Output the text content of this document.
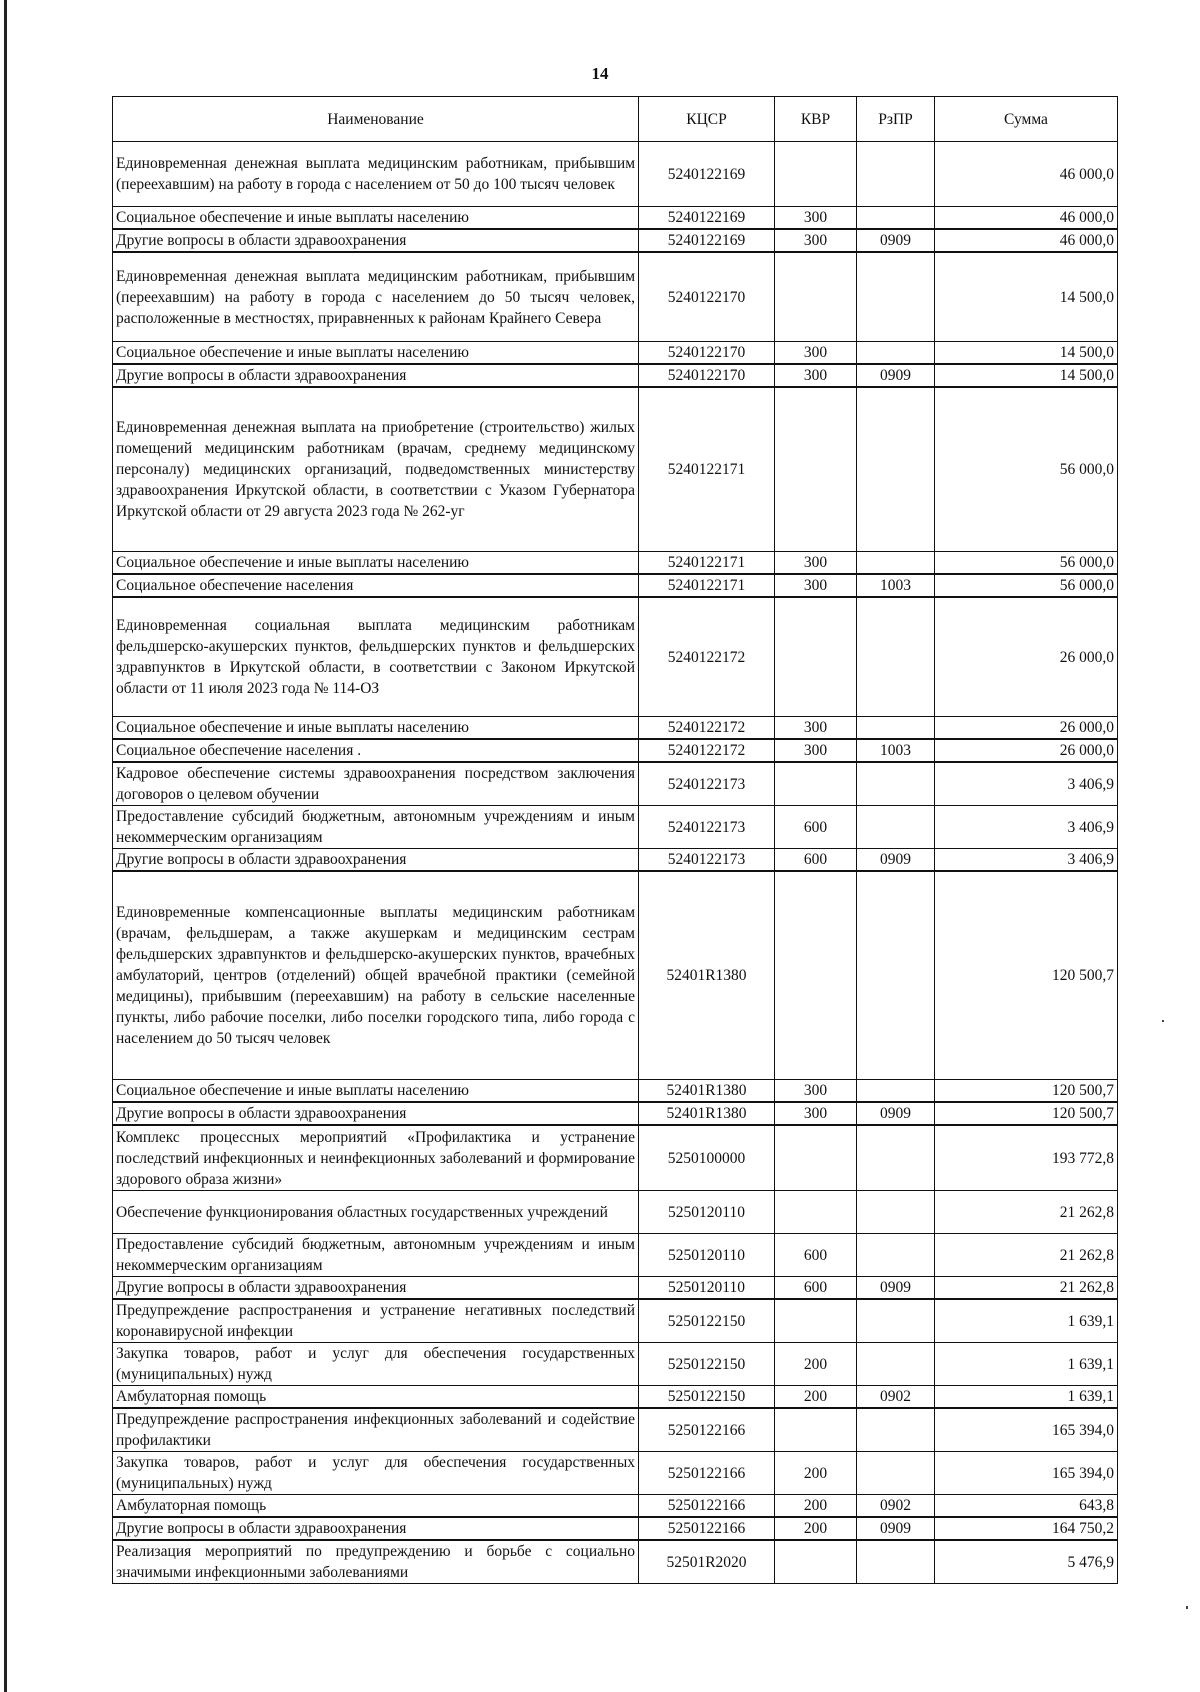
14
Наименование	КЦСР	КВР	РзПР	Сумма
Единовременная денежная выплата медицинским работникам, прибывшим (переехавшим) на работу в города с населением от 50 до 100 тысяч человек	5240122169			46 000,0
Социальное обеспечение и иные выплаты населению	5240122169	300		46 000,0
Другие вопросы в области здравоохранения	5240122169	300	0909	46 000,0
Единовременная денежная выплата медицинским работникам, прибывшим (переехавшим) на работу в города с населением до 50 тысяч человек, расположенные в местностях, приравненных к районам Крайнего Севера	5240122170			14 500,0
Социальное обеспечение и иные выплаты населению	5240122170	300		14 500,0
Другие вопросы в области здравоохранения	5240122170	300	0909	14 500,0
Единовременная денежная выплата на приобретение (строительство) жилых помещений медицинским работникам (врачам, среднему медицинскому персоналу) медицинских организаций, подведомственных министерству здравоохранения Иркутской области, в соответствии с Указом Губернатора Иркутской области от 29 августа 2023 года № 262-уг	5240122171			56 000,0
Социальное обеспечение и иные выплаты населению	5240122171	300		56 000,0
Социальное обеспечение населения	5240122171	300	1003	56 000,0
Единовременная социальная выплата медицинским работникам фельдшерско-акушерских пунктов, фельдшерских пунктов и фельдшерских здравпунктов в Иркутской области, в соответствии с Законом Иркутской области от 11 июля 2023 года № 114-ОЗ	5240122172			26 000,0
Социальное обеспечение и иные выплаты населению	5240122172	300		26 000,0
Социальное обеспечение населения .	5240122172	300	1003	26 000,0
Кадровое обеспечение системы здравоохранения посредством заключения договоров о целевом обучении	5240122173			3 406,9
Предоставление субсидий бюджетным, автономным учреждениям и иным некоммерческим организациям	5240122173	600		3 406,9
Другие вопросы в области здравоохранения	5240122173	600	0909	3 406,9
Единовременные компенсационные выплаты медицинским работникам (врачам, фельдшерам, а также акушеркам и медицинским сестрам фельдшерских здравпунктов и фельдшерско-акушерских пунктов, врачебных амбулаторий, центров (отделений) общей врачебной практики (семейной медицины), прибывшим (переехавшим) на работу в сельские населенные пункты, либо рабочие поселки, либо поселки городского типа, либо города с населением до 50 тысяч человек	52401R1380			120 500,7
Социальное обеспечение и иные выплаты населению	52401R1380	300		120 500,7
Другие вопросы в области здравоохранения	52401R1380	300	0909	120 500,7
Комплекс процессных мероприятий «Профилактика и устранение последствий инфекционных и неинфекционных заболеваний и формирование здорового образа жизни»	5250100000			193 772,8
Обеспечение функционирования областных государственных учреждений	5250120110			21 262,8
Предоставление субсидий бюджетным, автономным учреждениям и иным некоммерческим организациям	5250120110	600		21 262,8
Другие вопросы в области здравоохранения	5250120110	600	0909	21 262,8
Предупреждение распространения и устранение негативных последствий коронавирусной инфекции	5250122150			1 639,1
Закупка товаров, работ и услуг для обеспечения государственных (муниципальных) нужд	5250122150	200		1 639,1
Амбулаторная помощь	5250122150	200	0902	1 639,1
Предупреждение распространения инфекционных заболеваний и содействие профилактики	5250122166			165 394,0
Закупка товаров, работ и услуг для обеспечения государственных (муниципальных) нужд	5250122166	200		165 394,0
Амбулаторная помощь	5250122166	200	0902	643,8
Другие вопросы в области здравоохранения	5250122166	200	0909	164 750,2
Реализация мероприятий по предупреждению и борьбе с социально значимыми инфекционными заболеваниями	52501R2020			5 476,9
